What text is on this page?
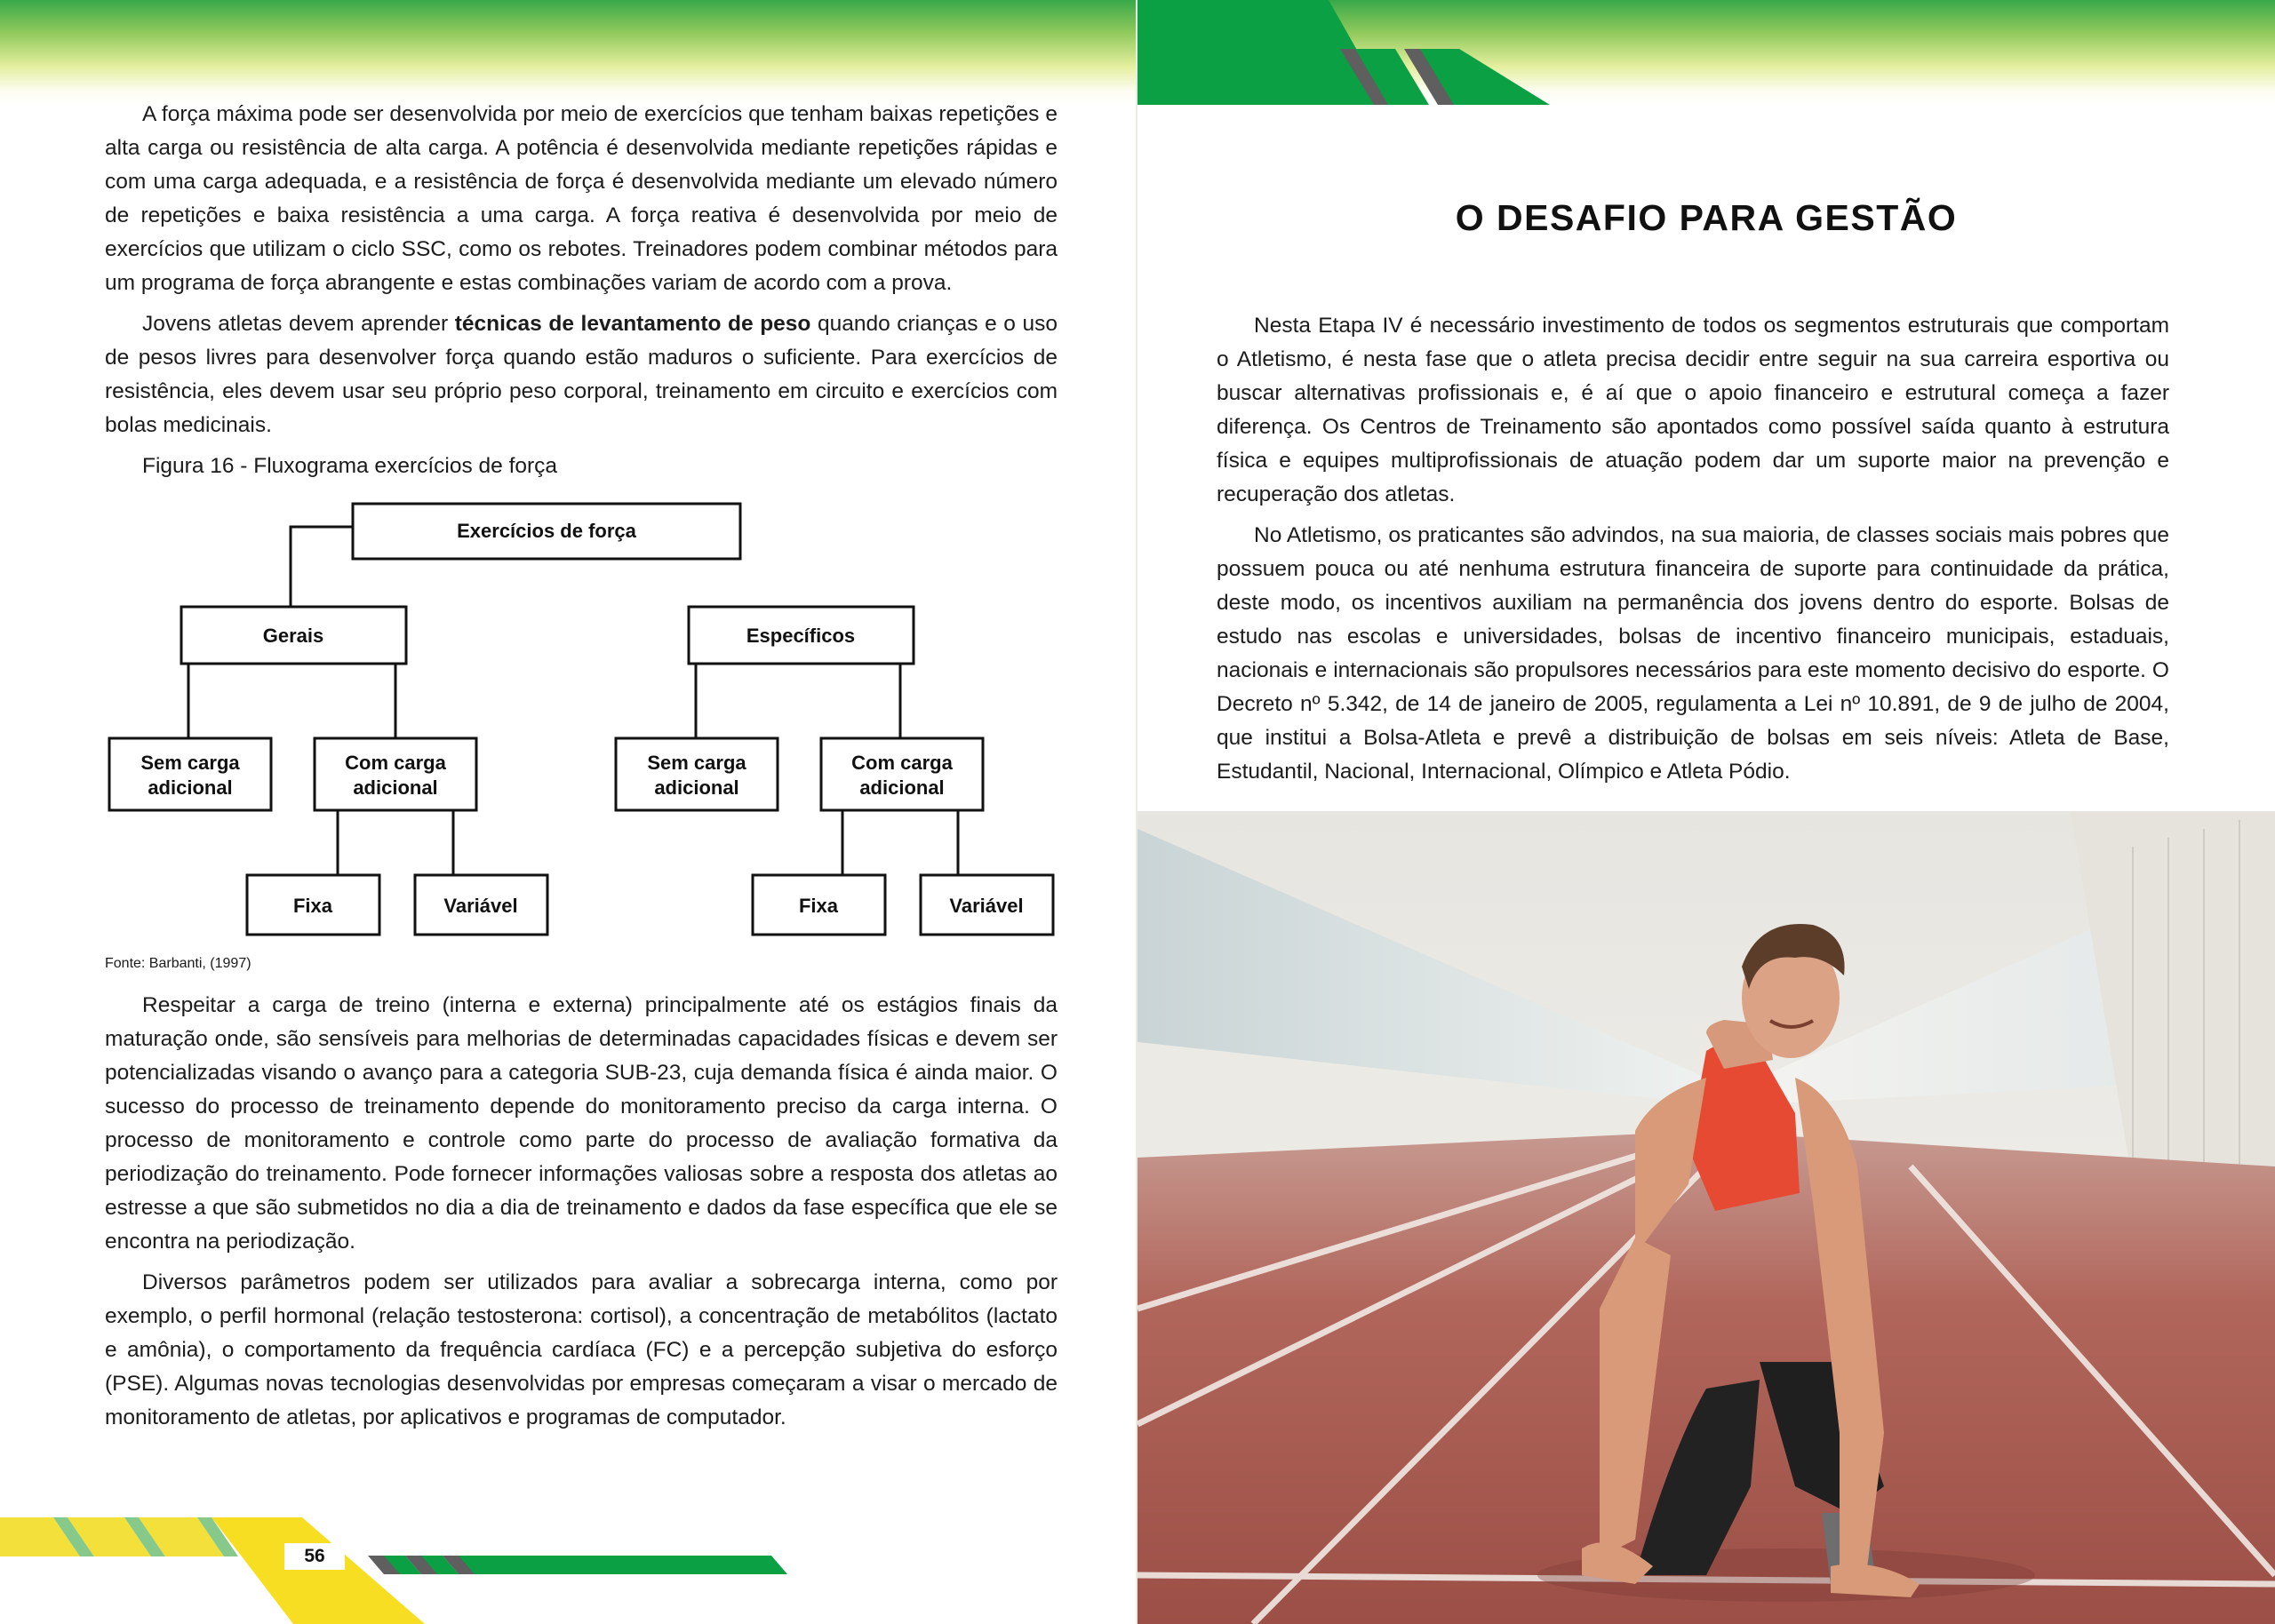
A força máxima pode ser desenvolvida por meio de exercícios que tenham baixas repetições e alta carga ou resistência de alta carga. A potência é desenvolvida mediante repetições rápidas e com uma carga adequada, e a resistência de força é desenvolvida mediante um elevado número de repetições e baixa resistência a uma carga. A força reativa é desenvolvida por meio de exercícios que utilizam o ciclo SSC, como os rebotes. Treinadores podem combinar métodos para um programa de força abrangente e estas combinações variam de acordo com a prova.

Jovens atletas devem aprender técnicas de levantamento de peso quando crianças e o uso de pesos livres para desenvolver força quando estão maduros o suficiente. Para exercícios de resistência, eles devem usar seu próprio peso corporal, treinamento em circuito e exercícios com bolas medicinais.

Figura 16 - Fluxograma exercícios de força
Exercícios de força
Gerais	Específicos
Sem carga
adicional
Com carga
adicional
Sem carga
adicional
Com carga
adicional
Fixa	Variável	Fixa	Variável
Fonte: Barbanti, (1997)

Respeitar a carga de treino (interna e externa) principalmente até os estágios finais da maturação onde, são sensíveis para melhorias de determinadas capacidades físicas e devem ser potencializadas visando o avanço para a categoria SUB-23, cuja demanda física é ainda maior. O sucesso do processo de treinamento depende do monitoramento preciso da carga interna. O processo de monitoramento e controle como parte do processo de avaliação formativa da periodização do treinamento. Pode fornecer informações valiosas sobre a resposta dos atletas ao estresse a que são submetidos no dia a dia de treinamento e dados da fase específica que ele se encontra na periodização.

Diversos parâmetros podem ser utilizados para avaliar a sobrecarga interna, como por exemplo, o perfil hormonal (relação testosterona: cortisol), a concentração de metabólitos (lactato e amônia), o comportamento da frequência cardíaca (FC) e a percepção subjetiva do esforço (PSE). Algumas novas tecnologias desenvolvidas por empresas começaram a visar o mercado de monitoramento de atletas, por aplicativos e programas de computador.

56
O DESAFIO PARA GESTÃO

Nesta Etapa IV é necessário investimento de todos os segmentos estruturais que comportam o Atletismo, é nesta fase que o atleta precisa decidir entre seguir na sua carreira esportiva ou buscar alternativas profissionais e, é aí que o apoio financeiro e estrutural começa a fazer diferença. Os Centros de Treinamento são apontados como possível saída quanto à estrutura física e equipes multiprofissionais de atuação podem dar um suporte maior na prevenção e recuperação dos atletas.

No Atletismo, os praticantes são advindos, na sua maioria, de classes sociais mais pobres que possuem pouca ou até nenhuma estrutura financeira de suporte para continuidade da prática, deste modo, os incentivos auxiliam na permanência dos jovens dentro do esporte. Bolsas de estudo nas escolas e universidades, bolsas de incentivo financeiro municipais, estaduais, nacionais e internacionais são propulsores necessários para este momento decisivo do esporte. O Decreto nº 5.342, de 14 de janeiro de 2005, regulamenta a Lei nº 10.891, de 9 de julho de 2004, que institui a Bolsa-Atleta e prevê a distribuição de bolsas em seis níveis: Atleta de Base, Estudantil, Nacional, Internacional, Olímpico e Atleta Pódio.
